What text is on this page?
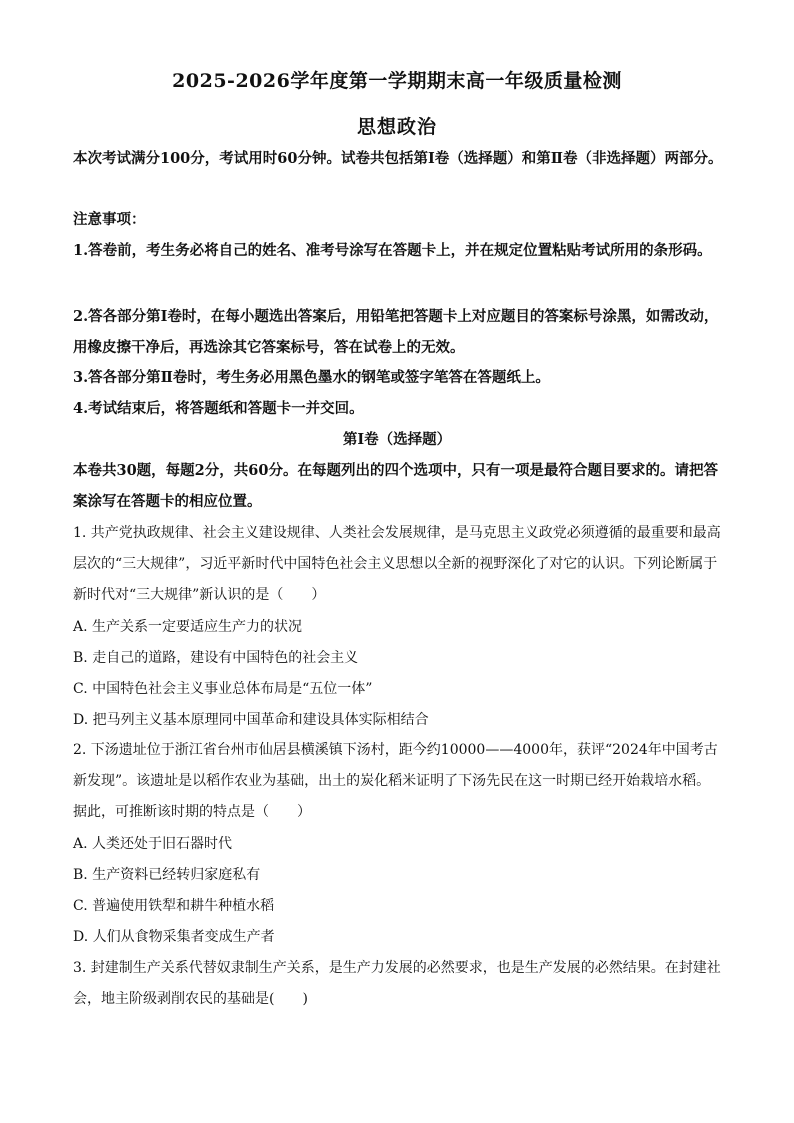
2025-2026学年度第一学期期末高一年级质量检测
思想政治
本次考试满分100分，考试用时60分钟。试卷共包括第Ⅰ卷（选择题）和第Ⅱ卷（非选择题）两部分。
注意事项：
1.答卷前，考生务必将自己的姓名、准考号涂写在答题卡上，并在规定位置粘贴考试所用的条形码。
2.答各部分第Ⅰ卷时，在每小题选出答案后，用铅笔把答题卡上对应题目的答案标号涂黑，如需改动，用橡皮擦干净后，再选涂其它答案标号，答在试卷上的无效。
3.答各部分第Ⅱ卷时，考生务必用黑色墨水的钢笔或签字笔答在答题纸上。
4.考试结束后，将答题纸和答题卡一并交回。
第Ⅰ卷（选择题）
本卷共30题，每题2分，共60分。在每题列出的四个选项中，只有一项是最符合题目要求的。请把答案涂写在答题卡的相应位置。
1. 共产党执政规律、社会主义建设规律、人类社会发展规律，是马克思主义政党必须遵循的最重要和最高层次的“三大规律”，习近平新时代中国特色社会主义思想以全新的视野深化了对它的认识。下列论断属于新时代对“三大规律”新认识的是（　　）
A. 生产关系一定要适应生产力的状况
B. 走自己的道路，建设有中国特色的社会主义
C. 中国特色社会主义事业总体布局是“五位一体”
D. 把马列主义基本原理同中国革命和建设具体实际相结合
2. 下汤遗址位于浙江省台州市仙居县横溪镇下汤村，距今约10000——4000年，获评“2024年中国考古新发现”。该遗址是以稻作农业为基础，出土的炭化稻米证明了下汤先民在这一时期已经开始栽培水稻。据此，可推断该时期的特点是（　　）
A. 人类还处于旧石器时代
B. 生产资料已经转归家庭私有
C. 普遍使用铁犁和耕牛种植水稻
D. 人们从食物采集者变成生产者
3. 封建制生产关系代替奴隶制生产关系，是生产力发展的必然要求，也是生产发展的必然结果。在封建社会，地主阶级剥削农民的基础是(　　)
